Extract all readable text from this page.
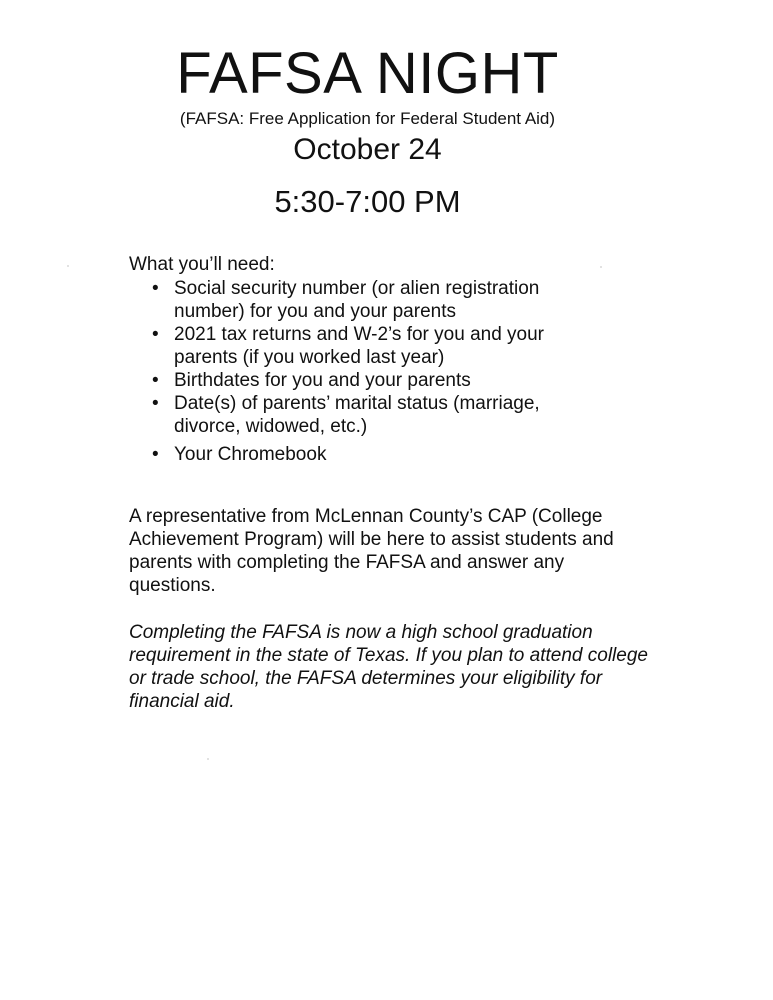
FAFSA NIGHT
(FAFSA: Free Application for Federal Student Aid)
October 24
5:30-7:00 PM
What you’ll need:
• Social security number (or alien registration number) for you and your parents
• 2021 tax returns and W-2’s for you and your parents (if you worked last year)
• Birthdates for you and your parents
• Date(s) of parents’ marital status (marriage, divorce, widowed, etc.)
• Your Chromebook

A representative from McLennan County’s CAP (College Achievement Program) will be here to assist students and parents with completing the FAFSA and answer any questions.

Completing the FAFSA is now a high school graduation requirement in the state of Texas. If you plan to attend college or trade school, the FAFSA determines your eligibility for financial aid.
